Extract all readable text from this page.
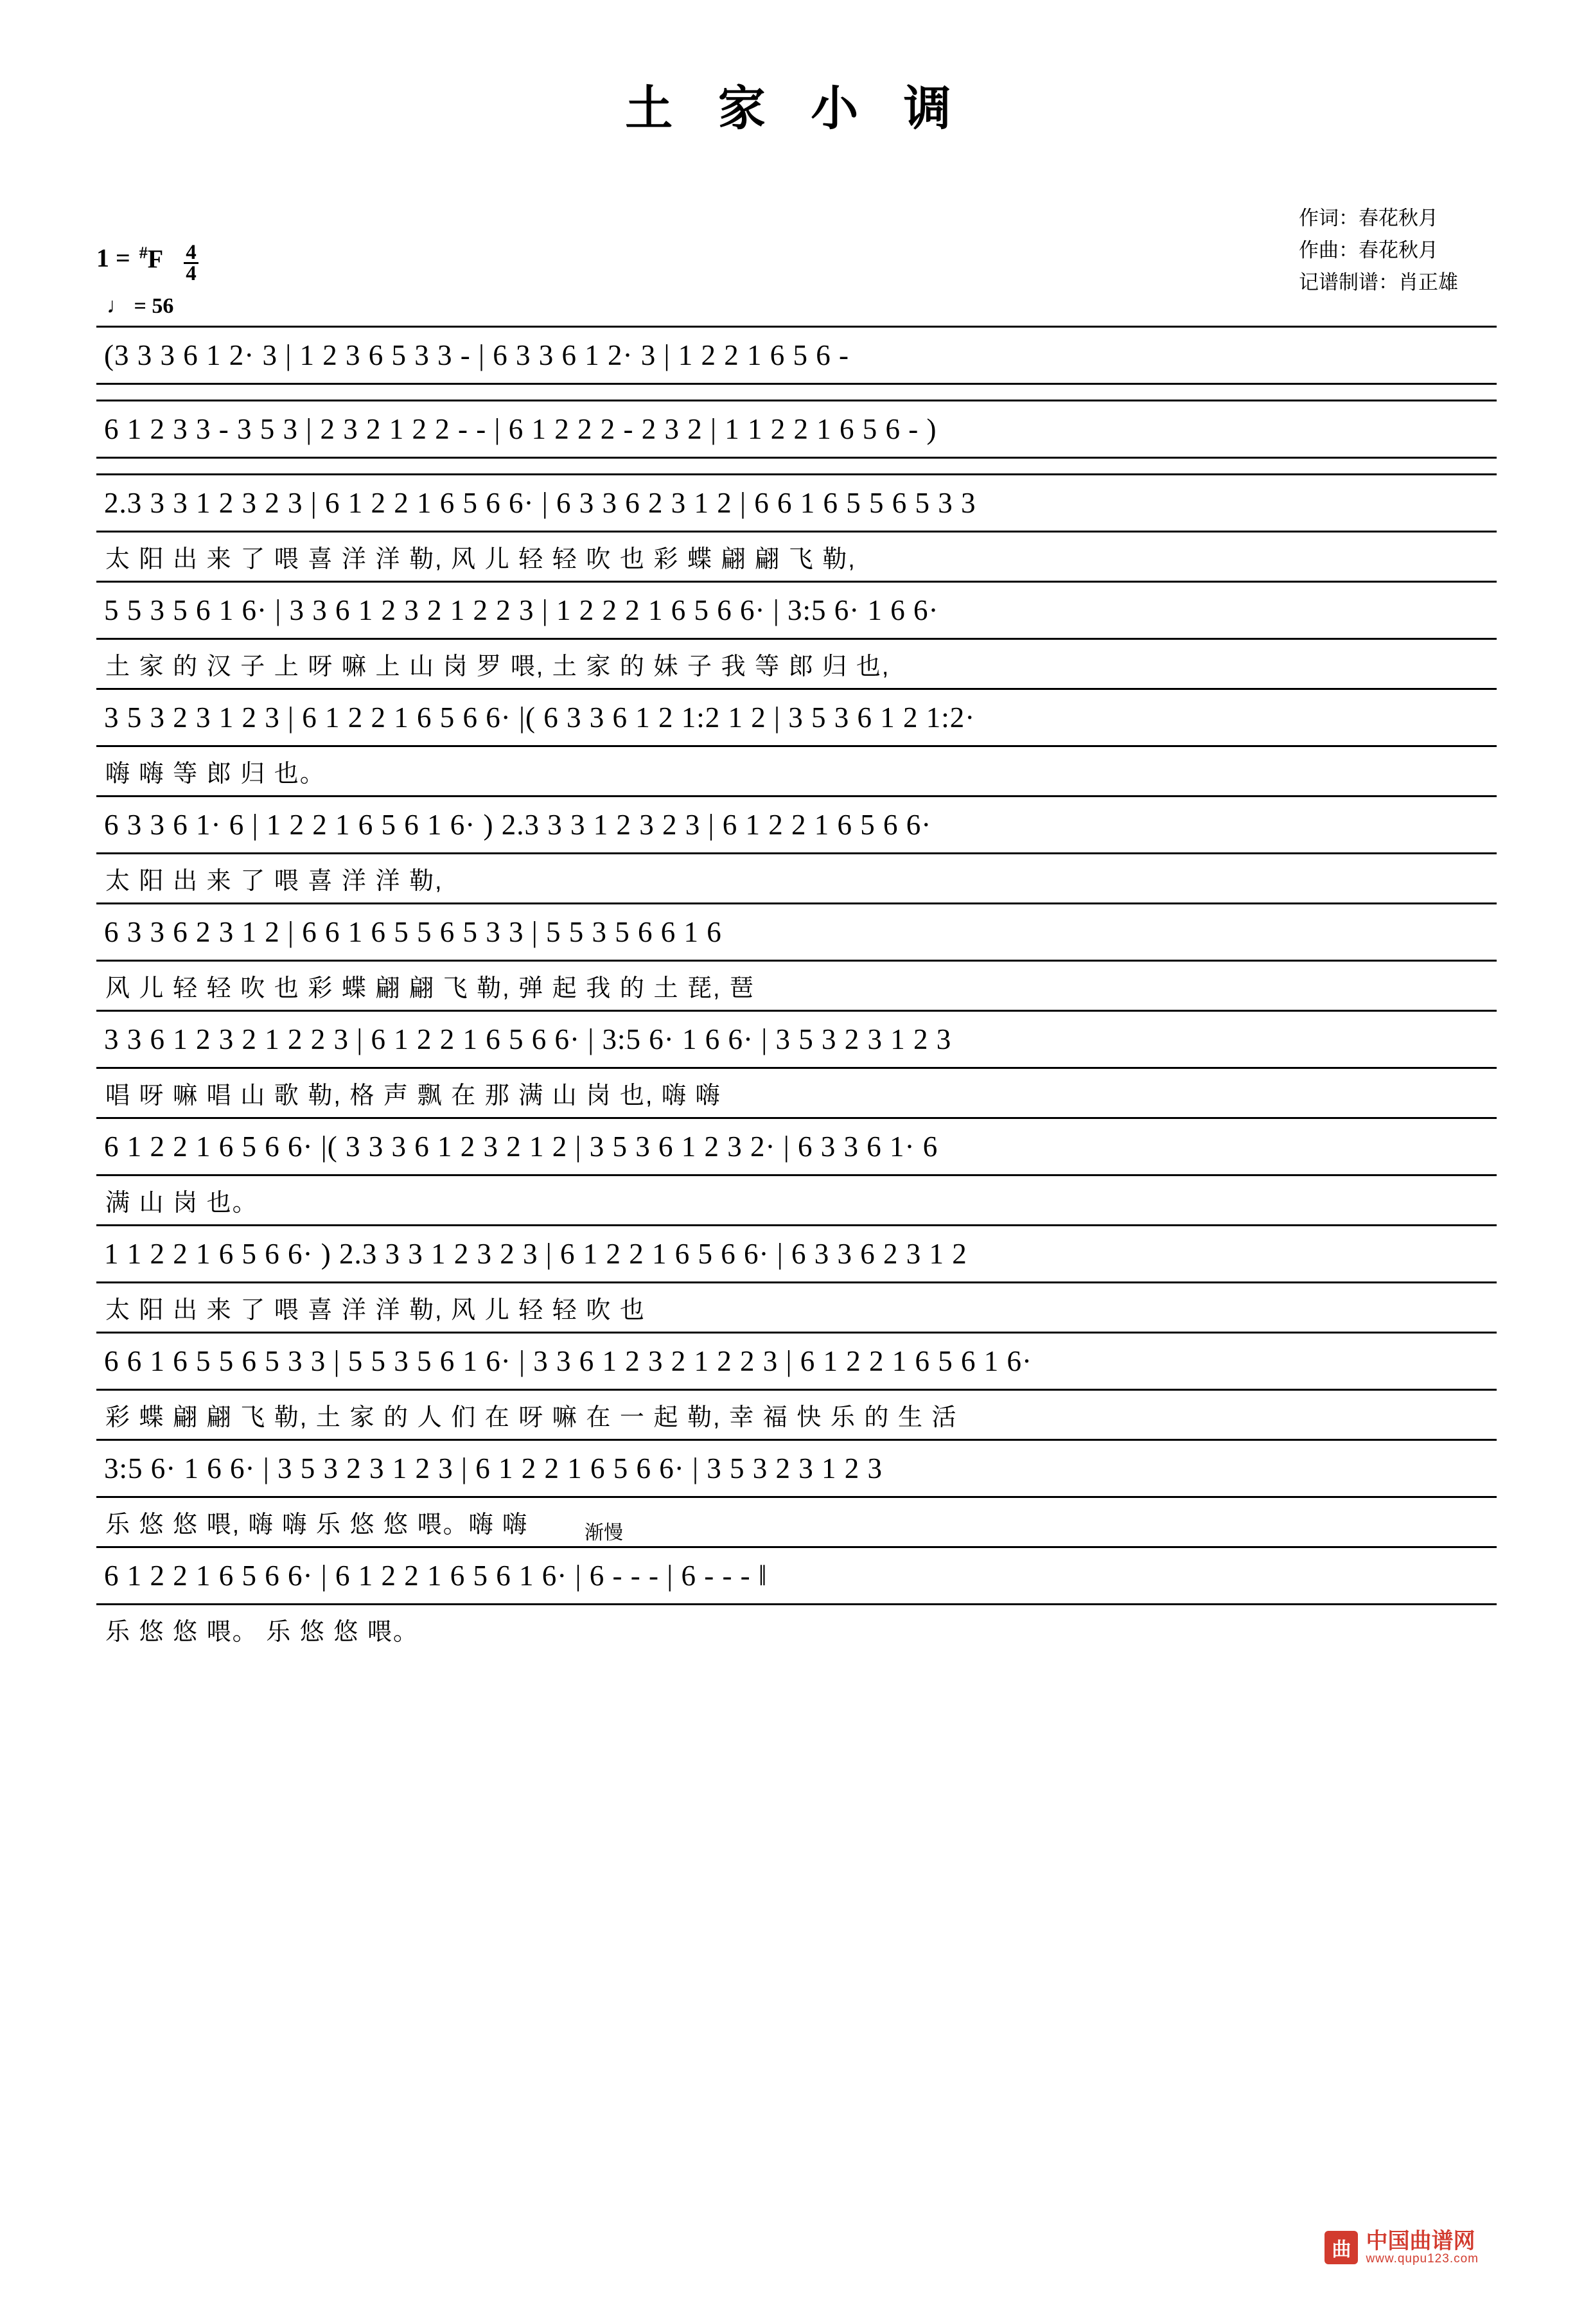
土 家 小 调
作词：春花秋月
作曲：春花秋月
记谱制谱：肖正雄
$1 = ^{\#}F \frac{4}{4}$
♩ = 56
(3 3 3 6 1 2· 3 | 1 2 3 6 5 3 3 - | 6 3 3 6 1 2· 3 | 1 2 2 1 6 5 6 -
6 1 2 3 3 - 3 5 3 | 2 3 2 1 2 2 - - | 6 1 2 2 2 - 2 3 2 | 1 1 2 2 1 6 5 6 - )
2.3 3 3 1 2 3 2 3 | 6 1 2 2 1 6 5 6 6· | 6 3 3 6 2 3 1 2 | 6 6 1 6 5 5 6 5 3 3
太 阳 出 来 了 喂 喜 洋 洋 勒, 风 儿 轻 轻 吹 也 彩 蝶 翩 翩 飞 勒,
5 5 3 5 6 1 6· | 3 3 6 1 2 3 2 1 2 2 3 | 1 2 2 2 1 6 5 6 6· | 3:5 6· 1 6 6·
土 家 的 汉 子 上 呀 嘛 上 山 岗 罗 喂, 土 家 的 妹 子 我 等 郎 归 也,
3 5 3 2 3 1 2 3 | 6 1 2 2 1 6 5 6 6· |( 6 3 3 6 1 2 1:2 1 2 | 3 5 3 6 1 2 1:2·
嗨 嗨 等 郎 归 也。
6 3 3 6 1· 6 | 1 2 2 1 6 5 6 1 6· ) 2.3 3 3 1 2 3 2 3 | 6 1 2 2 1 6 5 6 6·
太 阳 出 来 了 喂 喜 洋 洋 勒,
6 3 3 6 2 3 1 2 | 6 6 1 6 5 5 6 5 3 3 | 5 5 3 5 6 6 1 6
风 儿 轻 轻 吹 也 彩 蝶 翩 翩 飞 勒, 弹 起 我 的 土 琵, 琶
3 3 6 1 2 3 2 1 2 2 3 | 6 1 2 2 1 6 5 6 6· | 3:5 6· 1 6 6· | 3 5 3 2 3 1 2 3
唱 呀 嘛 唱 山 歌 勒, 格 声 飘 在 那 满 山 岗 也, 嗨 嗨
6 1 2 2 1 6 5 6 6· |( 3 3 3 6 1 2 3 2 1 2 | 3 5 3 6 1 2 3 2· | 6 3 3 6 1· 6
满 山 岗 也。
1 1 2 2 1 6 5 6 6· ) 2.3 3 3 1 2 3 2 3 | 6 1 2 2 1 6 5 6 6· | 6 3 3 6 2 3 1 2
太 阳 出 来 了 喂 喜 洋 洋 勒, 风 儿 轻 轻 吹 也
6 6 1 6 5 5 6 5 3 3 | 5 5 3 5 6 1 6· | 3 3 6 1 2 3 2 1 2 2 3 | 6 1 2 2 1 6 5 6 1 6·
彩 蝶 翩 翩 飞 勒, 土 家 的 人 们 在 呀 嘛 在 一 起 勒, 幸 福 快 乐 的 生 活
3:5 6· 1 6 6· | 3 5 3 2 3 1 2 3 | 6 1 2 2 1 6 5 6 6· | 3 5 3 2 3 1 2 3
乐 悠 悠 喂, 嗨 嗨 乐 悠 悠 喂。嗨 嗨	渐慢
6 1 2 2 1 6 5 6 6· | 6 1 2 2 1 6 5 6 1 6· | 6 - - - | 6 - - - ‖
乐 悠 悠 喂。 乐 悠 悠 喂。
曲 中国曲谱网
www.qupu123.com
